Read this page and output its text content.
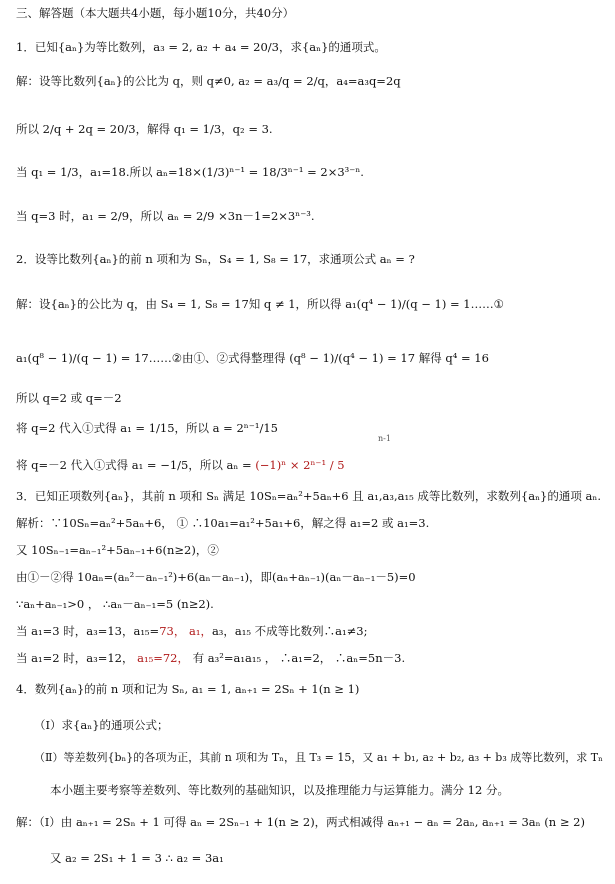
三、解答题（本大题共4小题，每小题10分，共40分）
1．已知{aₙ}为等比数列，a₃ = 2, a₂ + a₄ = 20/3，求{aₙ}的通项式。
解：设等比数列{aₙ}的公比为 q，则 q≠0, a₂ = a₃/q = 2/q，a₄=a₃q=2q
所以 2/q + 2q = 20/3，解得 q₁ = 1/3，q₂ = 3.
当 q₁ = 1/3，a₁=18.所以 aₙ=18×(1/3)ⁿ⁻¹ = 18/3ⁿ⁻¹ = 2×3³⁻ⁿ.
当 q=3 时，a₁ = 2/9，所以 aₙ = 2/9 ×3n－1=2×3ⁿ⁻³.
2．设等比数列{aₙ}的前 n 项和为 Sₙ，S₄ = 1, S₈ = 17，求通项公式 aₙ = ?
解：设{aₙ}的公比为 q，由 S₄ = 1, S₈ = 17知 q ≠ 1，所以得 a₁(q⁴ − 1)/(q − 1) = 1……①
a₁(q⁸ − 1)/(q − 1) = 17……②由①、②式得整理得 (q⁸ − 1)/(q⁴ − 1) = 17 解得 q⁴ = 16
所以 q=2 或 q=－2
将 q=2 代入①式得 a₁ = 1/15，所以 a = 2ⁿ⁻¹/15
n-1
将 q=－2 代入①式得 a₁ = −1/5，所以 aₙ = (−1)ⁿ × 2ⁿ⁻¹ / 5
3．已知正项数列{aₙ}，其前 n 项和 Sₙ 满足 10Sₙ=aₙ²+5aₙ+6 且 a₁,a₃,a₁₅ 成等比数列，求数列{aₙ}的通项 aₙ.
解析：∵10Sₙ=aₙ²+5aₙ+6， ① ∴10a₁=a₁²+5a₁+6，解之得 a₁=2 或 a₁=3.
又 10Sₙ₋₁=aₙ₋₁²+5aₙ₋₁+6(n≥2)，②
由①－②得 10aₙ=(aₙ²－aₙ₋₁²)+6(aₙ－aₙ₋₁)，即(aₙ+aₙ₋₁)(aₙ－aₙ₋₁－5)=0
∵aₙ+aₙ₋₁>0 ， ∴aₙ－aₙ₋₁=5 (n≥2).
当 a₁=3 时，a₃=13，a₁₅=73， a₁，a₃，a₁₅ 不成等比数列∴a₁≠3;
当 a₁=2 时，a₃=12， a₁₅=72， 有 a₃²=a₁a₁₅ ， ∴a₁=2， ∴aₙ=5n－3.
4．数列{aₙ}的前 n 项和记为 Sₙ, a₁ = 1, aₙ₊₁ = 2Sₙ + 1(n ≥ 1)
（Ⅰ）求{aₙ}的通项公式；
（Ⅱ）等差数列{bₙ}的各项为正，其前 n 项和为 Tₙ，且 T₃ = 15，又 a₁ + b₁, a₂ + b₂, a₃ + b₃ 成等比数列，求 Tₙ
本小题主要考察等差数列、等比数列的基础知识，以及推理能力与运算能力。满分 12 分。
解：（Ⅰ）由 aₙ₊₁ = 2Sₙ + 1 可得 aₙ = 2Sₙ₋₁ + 1(n ≥ 2)，两式相减得 aₙ₊₁ − aₙ = 2aₙ, aₙ₊₁ = 3aₙ (n ≥ 2)
又 a₂ = 2S₁ + 1 = 3 ∴ a₂ = 3a₁
